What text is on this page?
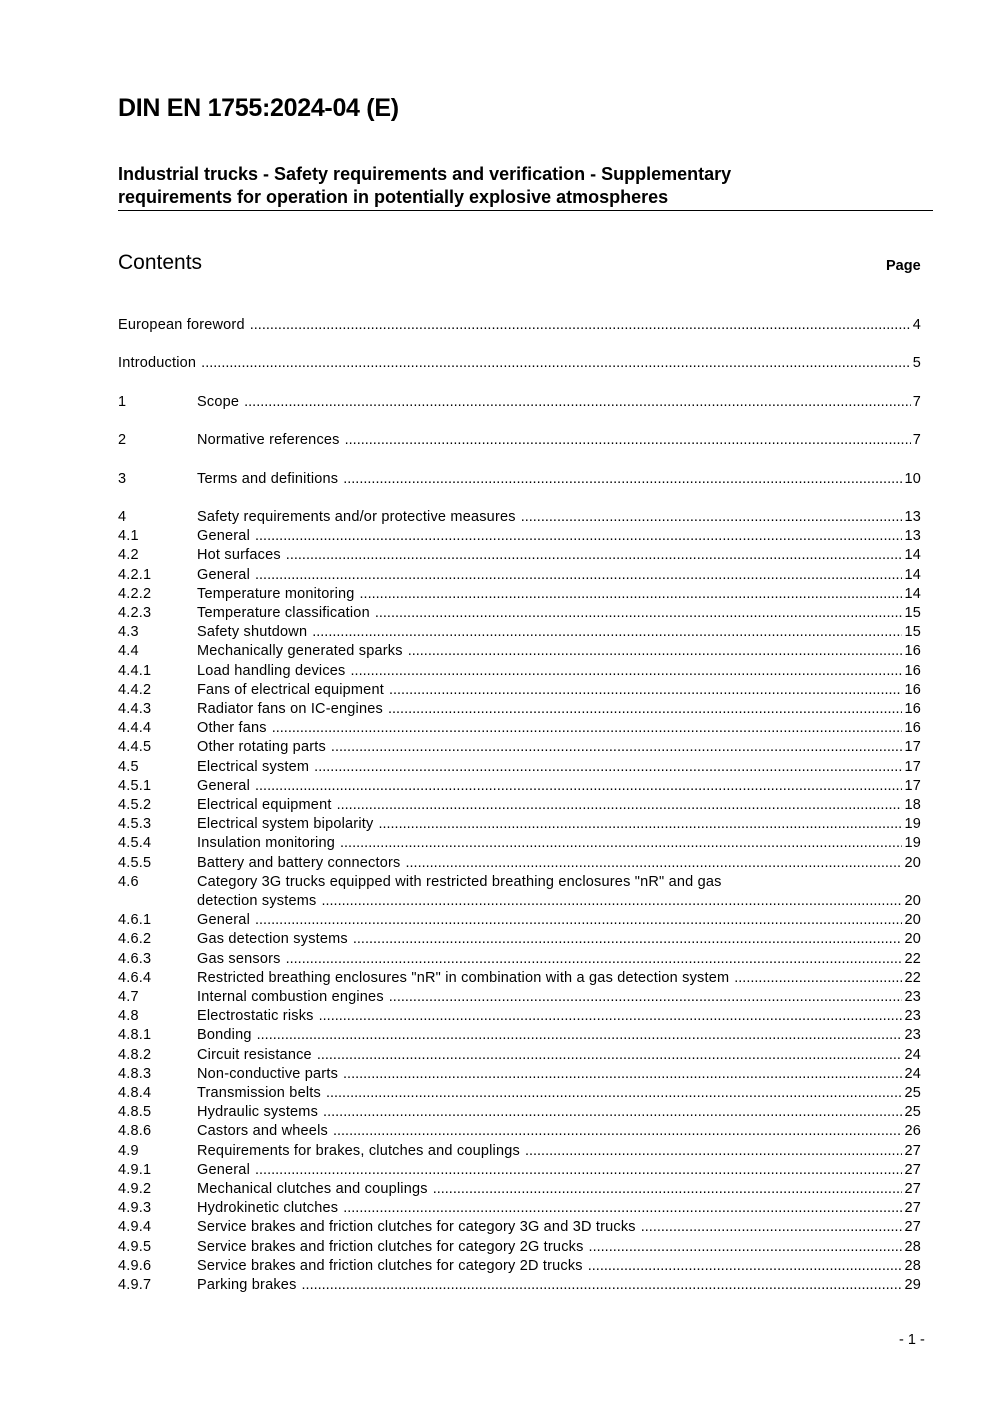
DIN EN 1755:2024-04 (E)
Industrial trucks - Safety requirements and verification - Supplementary
requirements for operation in potentially explosive atmospheres
Contents	Page
European foreword .....	4
Introduction .....	5
1	Scope .....	7
2	Normative references .....	7
3	Terms and definitions .....	10
4	Safety requirements and/or protective measures .....	13
4.1	General .....	13
4.2	Hot surfaces .....	14
4.2.1	General .....	14
4.2.2	Temperature monitoring .....	14
4.2.3	Temperature classification .....	15
4.3	Safety shutdown .....	15
4.4	Mechanically generated sparks .....	16
4.4.1	Load handling devices .....	16
4.4.2	Fans of electrical equipment .....	16
4.4.3	Radiator fans on IC-engines .....	16
4.4.4	Other fans .....	16
4.4.5	Other rotating parts .....	17
4.5	Electrical system .....	17
4.5.1	General .....	17
4.5.2	Electrical equipment .....	18
4.5.3	Electrical system bipolarity .....	19
4.5.4	Insulation monitoring .....	19
4.5.5	Battery and battery connectors .....	20
4.6	Category 3G trucks equipped with restricted breathing enclosures "nR" and gas
detection systems .....	20
4.6.1	General .....	20
4.6.2	Gas detection systems .....	20
4.6.3	Gas sensors .....	22
4.6.4	Restricted breathing enclosures "nR" in combination with a gas detection system .....	22
4.7	Internal combustion engines .....	23
4.8	Electrostatic risks .....	23
4.8.1	Bonding .....	23
4.8.2	Circuit resistance .....	24
4.8.3	Non-conductive parts .....	24
4.8.4	Transmission belts .....	25
4.8.5	Hydraulic systems .....	25
4.8.6	Castors and wheels .....	26
4.9	Requirements for brakes, clutches and couplings .....	27
4.9.1	General .....	27
4.9.2	Mechanical clutches and couplings .....	27
4.9.3	Hydrokinetic clutches .....	27
4.9.4	Service brakes and friction clutches for category 3G and 3D trucks .....	27
4.9.5	Service brakes and friction clutches for category 2G trucks .....	28
4.9.6	Service brakes and friction clutches for category 2D trucks .....	28
4.9.7	Parking brakes .....	29
- 1 -
